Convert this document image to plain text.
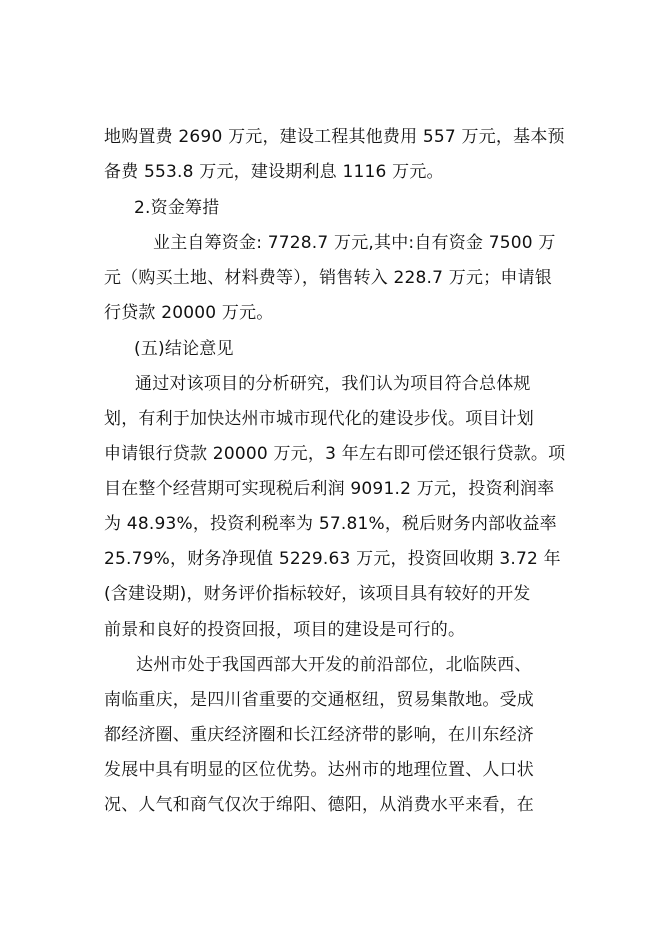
地购置费 2690 万元，建设工程其他费用 557 万元，基本预
备费 553.8 万元，建设期利息 1116 万元。
2.资金筹措
业主自筹资金: 7728.7 万元,其中:自有资金 7500 万
元（购买土地、材料费等），销售转入 228.7 万元；申请银
行贷款 20000 万元。
(五)结论意见
通过对该项目的分析研究，我们认为项目符合总体规
划，有利于加快达州市城市现代化的建设步伐。项目计划
申请银行贷款 20000 万元，3 年左右即可偿还银行贷款。项
目在整个经营期可实现税后利润 9091.2 万元，投资利润率
为 48.93%，投资利税率为 57.81%，税后财务内部收益率
25.79%，财务净现值 5229.63 万元，投资回收期 3.72 年
(含建设期)，财务评价指标较好，该项目具有较好的开发
前景和良好的投资回报，项目的建设是可行的。
达州市处于我国西部大开发的前沿部位，北临陕西、
南临重庆，是四川省重要的交通枢纽，贸易集散地。受成
都经济圈、重庆经济圈和长江经济带的影响，在川东经济
发展中具有明显的区位优势。达州市的地理位置、人口状
况、人气和商气仅次于绵阳、德阳，从消费水平来看，在
